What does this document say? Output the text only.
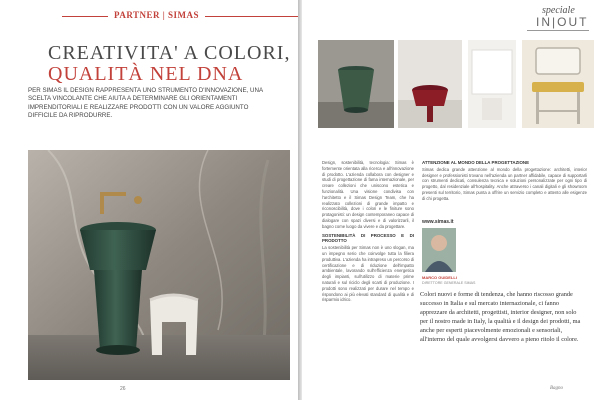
PARTNER | SIMAS
CREATIVITA' A COLORI,
QUALITÀ NEL DNA

PER SIMAS IL DESIGN RAPPRESENTA UNO STRUMENTO D'INNOVAZIONE, UNA SCELTA VINCOLANTE CHE AIUTA A DETERMINARE GLI ORIENTAMENTI IMPRENDITORIALI E REALIZZARE PRODOTTI CON UN VALORE AGGIUNTO DIFFICILE DA RIPRODURRE.

26
speciale
IN|OUT

Design, sostenibilità, tecnologia: Simas è fortemente orientata alla ricerca e all'innovazione di prodotto. L'azienda collabora con designer e studi di progettazione di fama internazionale, per creare collezioni che uniscono estetica e funzionalità. Una visione condivisa con l'architetto e il Simas Design Team, che ha realizzato collezioni di grande impatto e riconoscibilità, dove i colori e le finiture sono protagonisti: un design contemporaneo capace di dialogare con spazi diversi e di valorizzarli, il bagno come luogo da vivere e da progettare.

SOSTENIBILITÀ DI PROCESSO E DI PRODOTTO

La sostenibilità per Simas non è uno slogan, ma un impegno serio che coinvolge tutta la filiera produttiva. L'azienda ha intrapreso un percorso di certificazione e di riduzione dell'impatto ambientale, lavorando sull'efficienza energetica degli impianti, sull'utilizzo di materie prime naturali e sul riciclo degli scarti di produzione. I prodotti sono realizzati per durare nel tempo e rispondono ai più elevati standard di qualità e di risparmio idrico.

ATTENZIONE AL MONDO DELLA PROGETTAZIONE

Simas dedica grande attenzione al mondo della progettazione: architetti, interior designer e professionisti trovano nell'azienda un partner affidabile, capace di supportarli con strumenti dedicati, consulenza tecnica e soluzioni personalizzate per ogni tipo di progetto, dal residenziale all'hospitality. Anche attraverso i canali digitali e gli showroom presenti sul territorio, Simas punta a offrire un servizio completo e attento alle esigenze di chi progetta.

www.simas.it
MARCO GUIDELLI
DIRETTORE GENERALE SIMAS

Colori nuovi e forme di tendenza, che hanno riscosso grande successo in Italia e sul mercato internazionale, ci fanno apprezzare da architetti, progettisti, interior designer, non solo per il nostro made in Italy, la qualità e il design dei prodotti, ma anche per esperti piacevolmente emozionali e sensoriali, all'interno del quale avvolgersi davvero a pieno ritolo il colore.

Bagno
